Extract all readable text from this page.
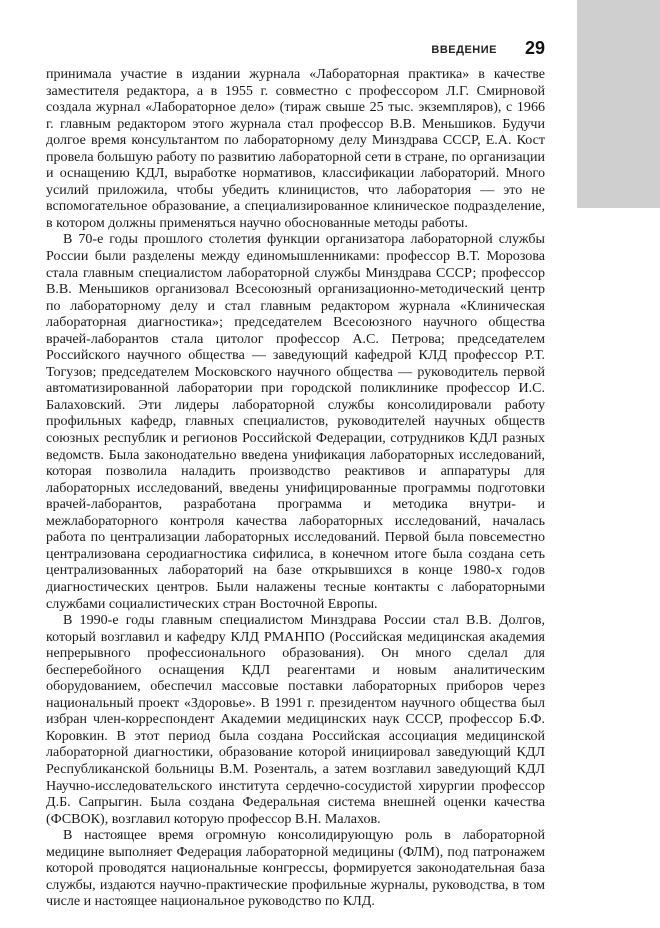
ВВЕДЕНИЕ 29

принимала участие в издании журнала «Лабораторная практика» в качестве заместителя редактора, а в 1955 г. совместно с профессором Л.Г. Смирновой создала журнал «Лабораторное дело» (тираж свыше 25 тыс. экземпляров), с 1966 г. главным редактором этого журнала стал профессор В.В. Меньшиков. Будучи долгое время консультантом по лабораторному делу Минздрава СССР, Е.А. Кост провела большую работу по развитию лабораторной сети в стране, по организации и оснащению КДЛ, выработке нормативов, классификации лабораторий. Много усилий приложила, чтобы убедить клиницистов, что лаборатория — это не вспомогательное образование, а специализированное клиническое подразделение, в котором должны применяться научно обоснованные методы работы.

В 70-е годы прошлого столетия функции организатора лабораторной службы России были разделены между единомышленниками: профессор В.Т. Морозова стала главным специалистом лабораторной службы Минздрава СССР; профессор В.В. Меньшиков организовал Всесоюзный организационно-методический центр по лабораторному делу и стал главным редактором журнала «Клиническая лабораторная диагностика»; председателем Всесоюзного научного общества врачей-лаборантов стала цитолог профессор А.С. Петрова; председателем Российского научного общества — заведующий кафедрой КЛД профессор Р.Т. Тогузов; председателем Московского научного общества — руководитель первой автоматизированной лаборатории при городской поликлинике профессор И.С. Балаховский. Эти лидеры лабораторной службы консолидировали работу профильных кафедр, главных специалистов, руководителей научных обществ союзных республик и регионов Российской Федерации, сотрудников КДЛ разных ведомств. Была законодательно введена унификация лабораторных исследований, которая позволила наладить производство реактивов и аппаратуры для лабораторных исследований, введены унифицированные программы подготовки врачей-лаборантов, разработана программа и методика внутри- и межлабораторного контроля качества лабораторных исследований, началась работа по централизации лабораторных исследований. Первой была повсеместно централизована серодиагностика сифилиса, в конечном итоге была создана сеть централизованных лабораторий на базе открывшихся в конце 1980-х годов диагностических центров. Были налажены тесные контакты с лабораторными службами социалистических стран Восточной Европы.

В 1990-е годы главным специалистом Минздрава России стал В.В. Долгов, который возглавил и кафедру КЛД РМАНПО (Российская медицинская академия непрерывного профессионального образования). Он много сделал для бесперебойного оснащения КДЛ реагентами и новым аналитическим оборудованием, обеспечил массовые поставки лабораторных приборов через национальный проект «Здоровье». В 1991 г. президентом научного общества был избран член-корреспондент Академии медицинских наук СССР, профессор Б.Ф. Коровкин. В этот период была создана Российская ассоциация медицинской лабораторной диагностики, образование которой инициировал заведующий КДЛ Республиканской больницы В.М. Розенталь, а затем возглавил заведующий КДЛ Научно-исследовательского института сердечно-сосудистой хирургии профессор Д.Б. Сапрыгин. Была создана Федеральная система внешней оценки качества (ФСВОК), возглавил которую профессор В.Н. Малахов.

В настоящее время огромную консолидирующую роль в лабораторной медицине выполняет Федерация лабораторной медицины (ФЛМ), под патронажем которой проводятся национальные конгрессы, формируется законодательная база службы, издаются научно-практические профильные журналы, руководства, в том числе и настоящее национальное руководство по КЛД.
